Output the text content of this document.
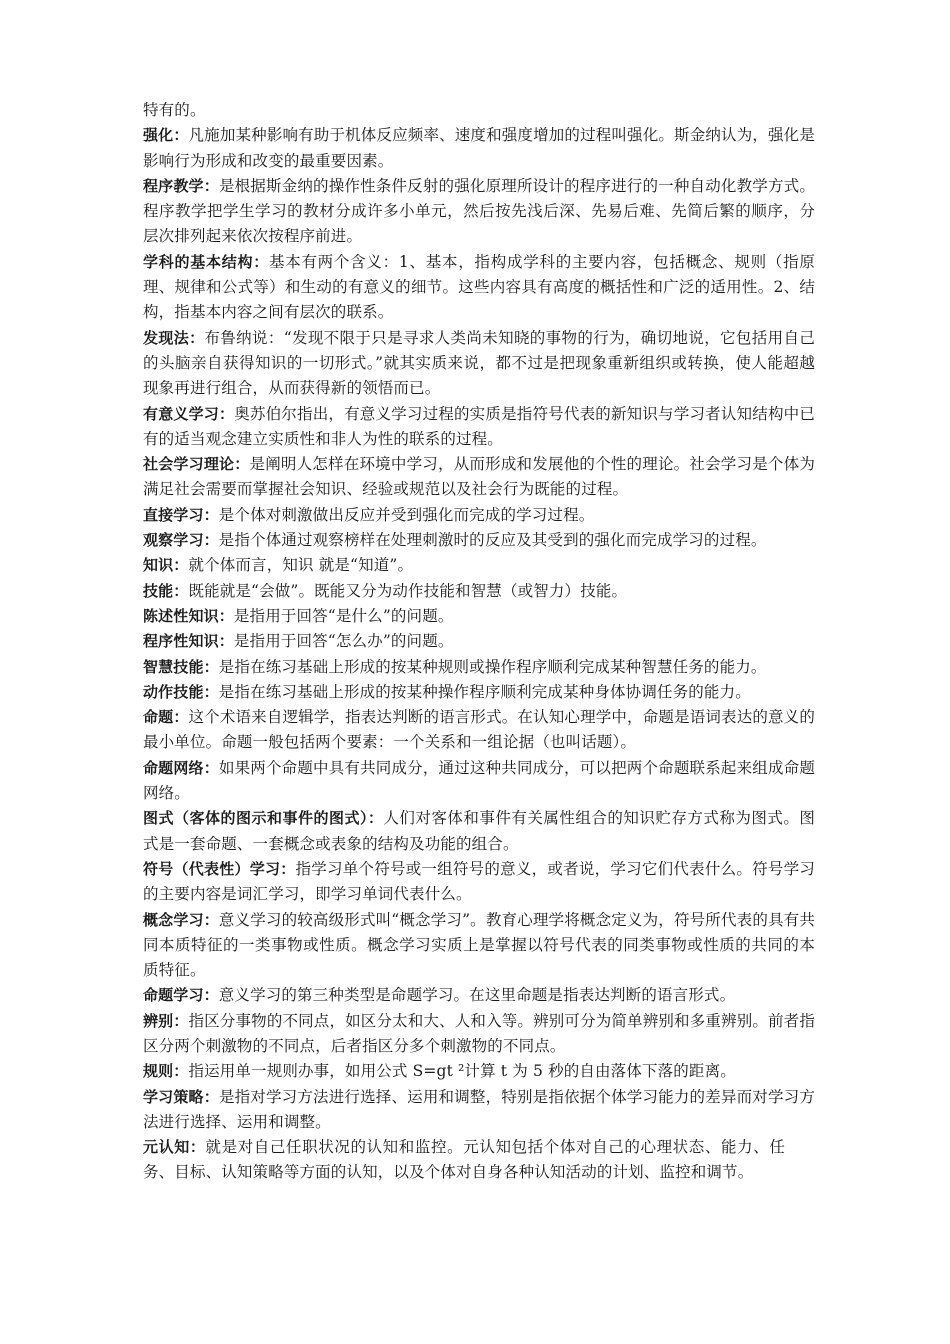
特有的。

强化：凡施加某种影响有助于机体反应频率、速度和强度增加的过程叫强化。斯金纳认为，强化是影响行为形成和改变的最重要因素。

程序教学：是根据斯金纳的操作性条件反射的强化原理所设计的程序进行的一种自动化教学方式。程序教学把学生学习的教材分成许多小单元，然后按先浅后深、先易后难、先简后繁的顺序，分层次排列起来依次按程序前进。

学科的基本结构：基本有两个含义：1、基本，指构成学科的主要内容，包括概念、规则（指原理、规律和公式等）和生动的有意义的细节。这些内容具有高度的概括性和广泛的适用性。2、结构，指基本内容之间有层次的联系。

发现法：布鲁纳说：“发现不限于只是寻求人类尚未知晓的事物的行为，确切地说，它包括用自己的头脑亲自获得知识的一切形式。”就其实质来说，都不过是把现象重新组织或转换，使人能超越现象再进行组合，从而获得新的领悟而已。

有意义学习：奥苏伯尔指出，有意义学习过程的实质是指符号代表的新知识与学习者认知结构中已有的适当观念建立实质性和非人为性的联系的过程。

社会学习理论：是阐明人怎样在环境中学习，从而形成和发展他的个性的理论。社会学习是个体为满足社会需要而掌握社会知识、经验或规范以及社会行为既能的过程。

直接学习：是个体对刺激做出反应并受到强化而完成的学习过程。

观察学习：是指个体通过观察榜样在处理刺激时的反应及其受到的强化而完成学习的过程。

知识：就个体而言，知识 就是“知道”。

技能：既能就是“会做”。既能又分为动作技能和智慧（或智力）技能。

陈述性知识：是指用于回答“是什么”的问题。

程序性知识：是指用于回答“怎么办”的问题。

智慧技能：是指在练习基础上形成的按某种规则或操作程序顺利完成某种智慧任务的能力。

动作技能：是指在练习基础上形成的按某种操作程序顺利完成某种身体协调任务的能力。

命题：这个术语来自逻辑学，指表达判断的语言形式。在认知心理学中，命题是语词表达的意义的最小单位。命题一般包括两个要素：一个关系和一组论据（也叫话题）。

命题网络：如果两个命题中具有共同成分，通过这种共同成分，可以把两个命题联系起来组成命题网络。

图式（客体的图示和事件的图式）：人们对客体和事件有关属性组合的知识贮存方式称为图式。图式是一套命题、一套概念或表象的结构及功能的组合。

符号（代表性）学习：指学习单个符号或一组符号的意义，或者说，学习它们代表什么。符号学习的主要内容是词汇学习，即学习单词代表什么。

概念学习：意义学习的较高级形式叫“概念学习”。教育心理学将概念定义为，符号所代表的具有共同本质特征的一类事物或性质。概念学习实质上是掌握以符号代表的同类事物或性质的共同的本质特征。

命题学习：意义学习的第三种类型是命题学习。在这里命题是指表达判断的语言形式。

辨别：指区分事物的不同点，如区分太和大、人和入等。辨别可分为简单辨别和多重辨别。前者指区分两个刺激物的不同点，后者指区分多个刺激物的不同点。

规则：指运用单一规则办事，如用公式 S=gt ²计算 t 为 5 秒的自由落体下落的距离。

学习策略：是指对学习方法进行选择、运用和调整，特别是指依据个体学习能力的差异而对学习方法进行选择、运用和调整。

元认知：就是对自己任职状况的认知和监控。元认知包括个体对自己的心理状态、能力、任务、目标、认知策略等方面的认知，以及个体对自身各种认知活动的计划、监控和调节。
